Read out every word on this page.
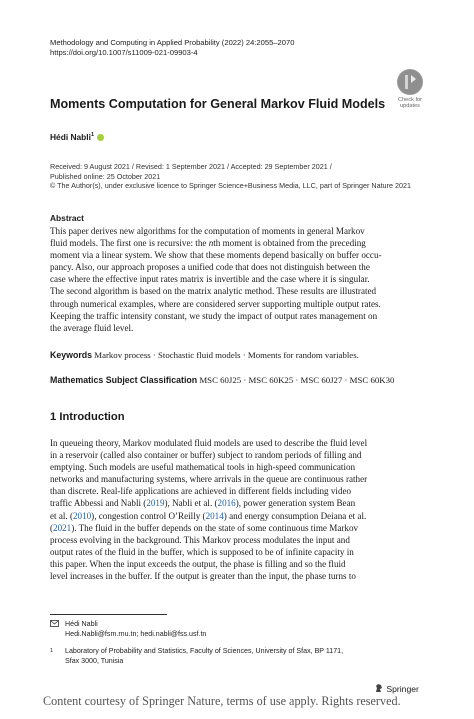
Methodology and Computing in Applied Probability (2022) 24:2055–2070
https://doi.org/10.1007/s11009-021-09903-4
Check for
updates
Moments Computation for General Markov Fluid Models
Hédi Nabli$^1$
Received: 9 August 2021 / Revised: 1 September 2021 / Accepted: 29 September 2021 /
Published online: 25 October 2021
© The Author(s), under exclusive licence to Springer Science+Business Media, LLC, part of Springer Nature 2021
Abstract
This paper derives new algorithms for the computation of moments in general Markov
fluid models. The first one is recursive: the nth moment is obtained from the preceding
moment via a linear system. We show that these moments depend basically on buffer occu-
pancy. Also, our approach proposes a unified code that does not distinguish between the
case where the effective input rates matrix is invertible and the case where it is singular.
The second algorithm is based on the matrix analytic method. These results are illustrated
through numerical examples, where are considered server supporting multiple output rates.
Keeping the traffic intensity constant, we study the impact of output rates management on
the average fluid level.
Keywords Markov process · Stochastic fluid models · Moments for random variables.
Mathematics Subject Classification MSC 60J25 · MSC 60K25 · MSC 60J27 · MSC 60K30
1 Introduction
In queueing theory, Markov modulated fluid models are used to describe the fluid level
in a reservoir (called also container or buffer) subject to random periods of filling and
emptying. Such models are useful mathematical tools in high-speed communication
networks and manufacturing systems, where arrivals in the queue are continuous rather
than discrete. Real-life applications are achieved in different fields including video
traffic Abbessi and Nabli (2019), Nabli et al. (2016), power generation system Bean
et al. (2010), congestion control O’Reilly (2014) and energy consumption Deiana et al.
(2021). The fluid in the buffer depends on the state of some continuous time Markov
process evolving in the background. This Markov process modulates the input and
output rates of the fluid in the buffer, which is supposed to be of infinite capacity in
this paper. When the input exceeds the output, the phase is filling and so the fluid
level increases in the buffer. If the output is greater than the input, the phase turns to
Hédi Nabli
Hedi.Nabli@fsm.rnu.tn; hedi.nabli@fss.usf.tn
1	Laboratory of Probability and Statistics, Faculty of Sciences, University of Sfax, BP 1171,
Sfax 3000, Tunisia
Springer
Content courtesy of Springer Nature, terms of use apply. Rights reserved.
